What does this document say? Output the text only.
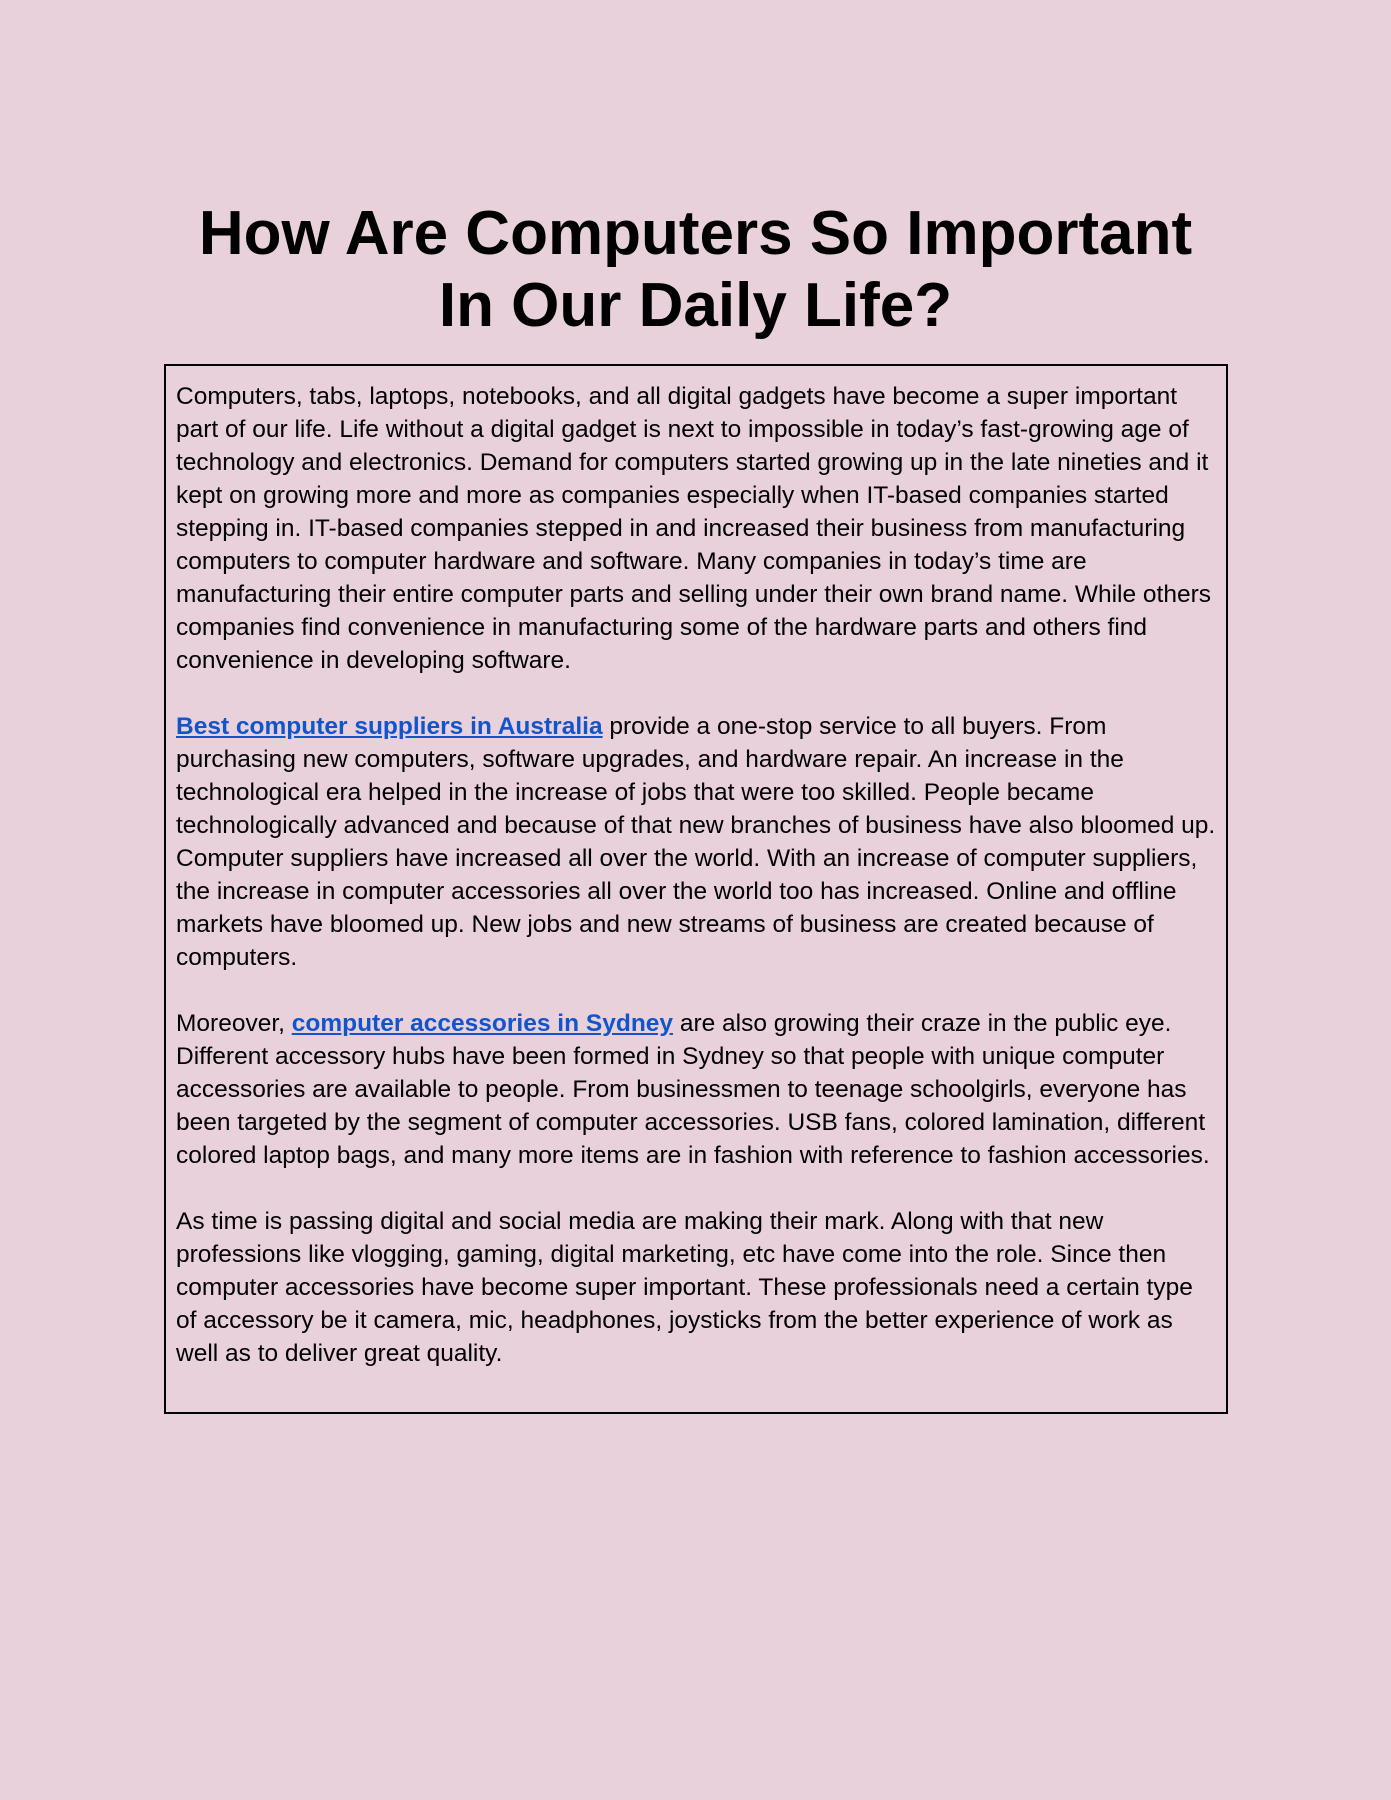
How Are Computers So Important
In Our Daily Life?

Computers, tabs, laptops, notebooks, and all digital gadgets have become a super important part of our life. Life without a digital gadget is next to impossible in today’s fast-growing age of technology and electronics. Demand for computers started growing up in the late nineties and it kept on growing more and more as companies especially when IT-based companies started stepping in. IT-based companies stepped in and increased their business from manufacturing computers to computer hardware and software. Many companies in today’s time are manufacturing their entire computer parts and selling under their own brand name. While others companies find convenience in manufacturing some of the hardware parts and others find convenience in developing software.

Best computer suppliers in Australia provide a one-stop service to all buyers. From purchasing new computers, software upgrades, and hardware repair. An increase in the technological era helped in the increase of jobs that were too skilled. People became technologically advanced and because of that new branches of business have also bloomed up. Computer suppliers have increased all over the world. With an increase of computer suppliers, the increase in computer accessories all over the world too has increased. Online and offline markets have bloomed up. New jobs and new streams of business are created because of computers.

Moreover, computer accessories in Sydney are also growing their craze in the public eye. Different accessory hubs have been formed in Sydney so that people with unique computer accessories are available to people. From businessmen to teenage schoolgirls, everyone has been targeted by the segment of computer accessories. USB fans, colored lamination, different colored laptop bags, and many more items are in fashion with reference to fashion accessories.

As time is passing digital and social media are making their mark. Along with that new professions like vlogging, gaming, digital marketing, etc have come into the role. Since then computer accessories have become super important. These professionals need a certain type of accessory be it camera, mic, headphones, joysticks from the better experience of work as well as to deliver great quality.
